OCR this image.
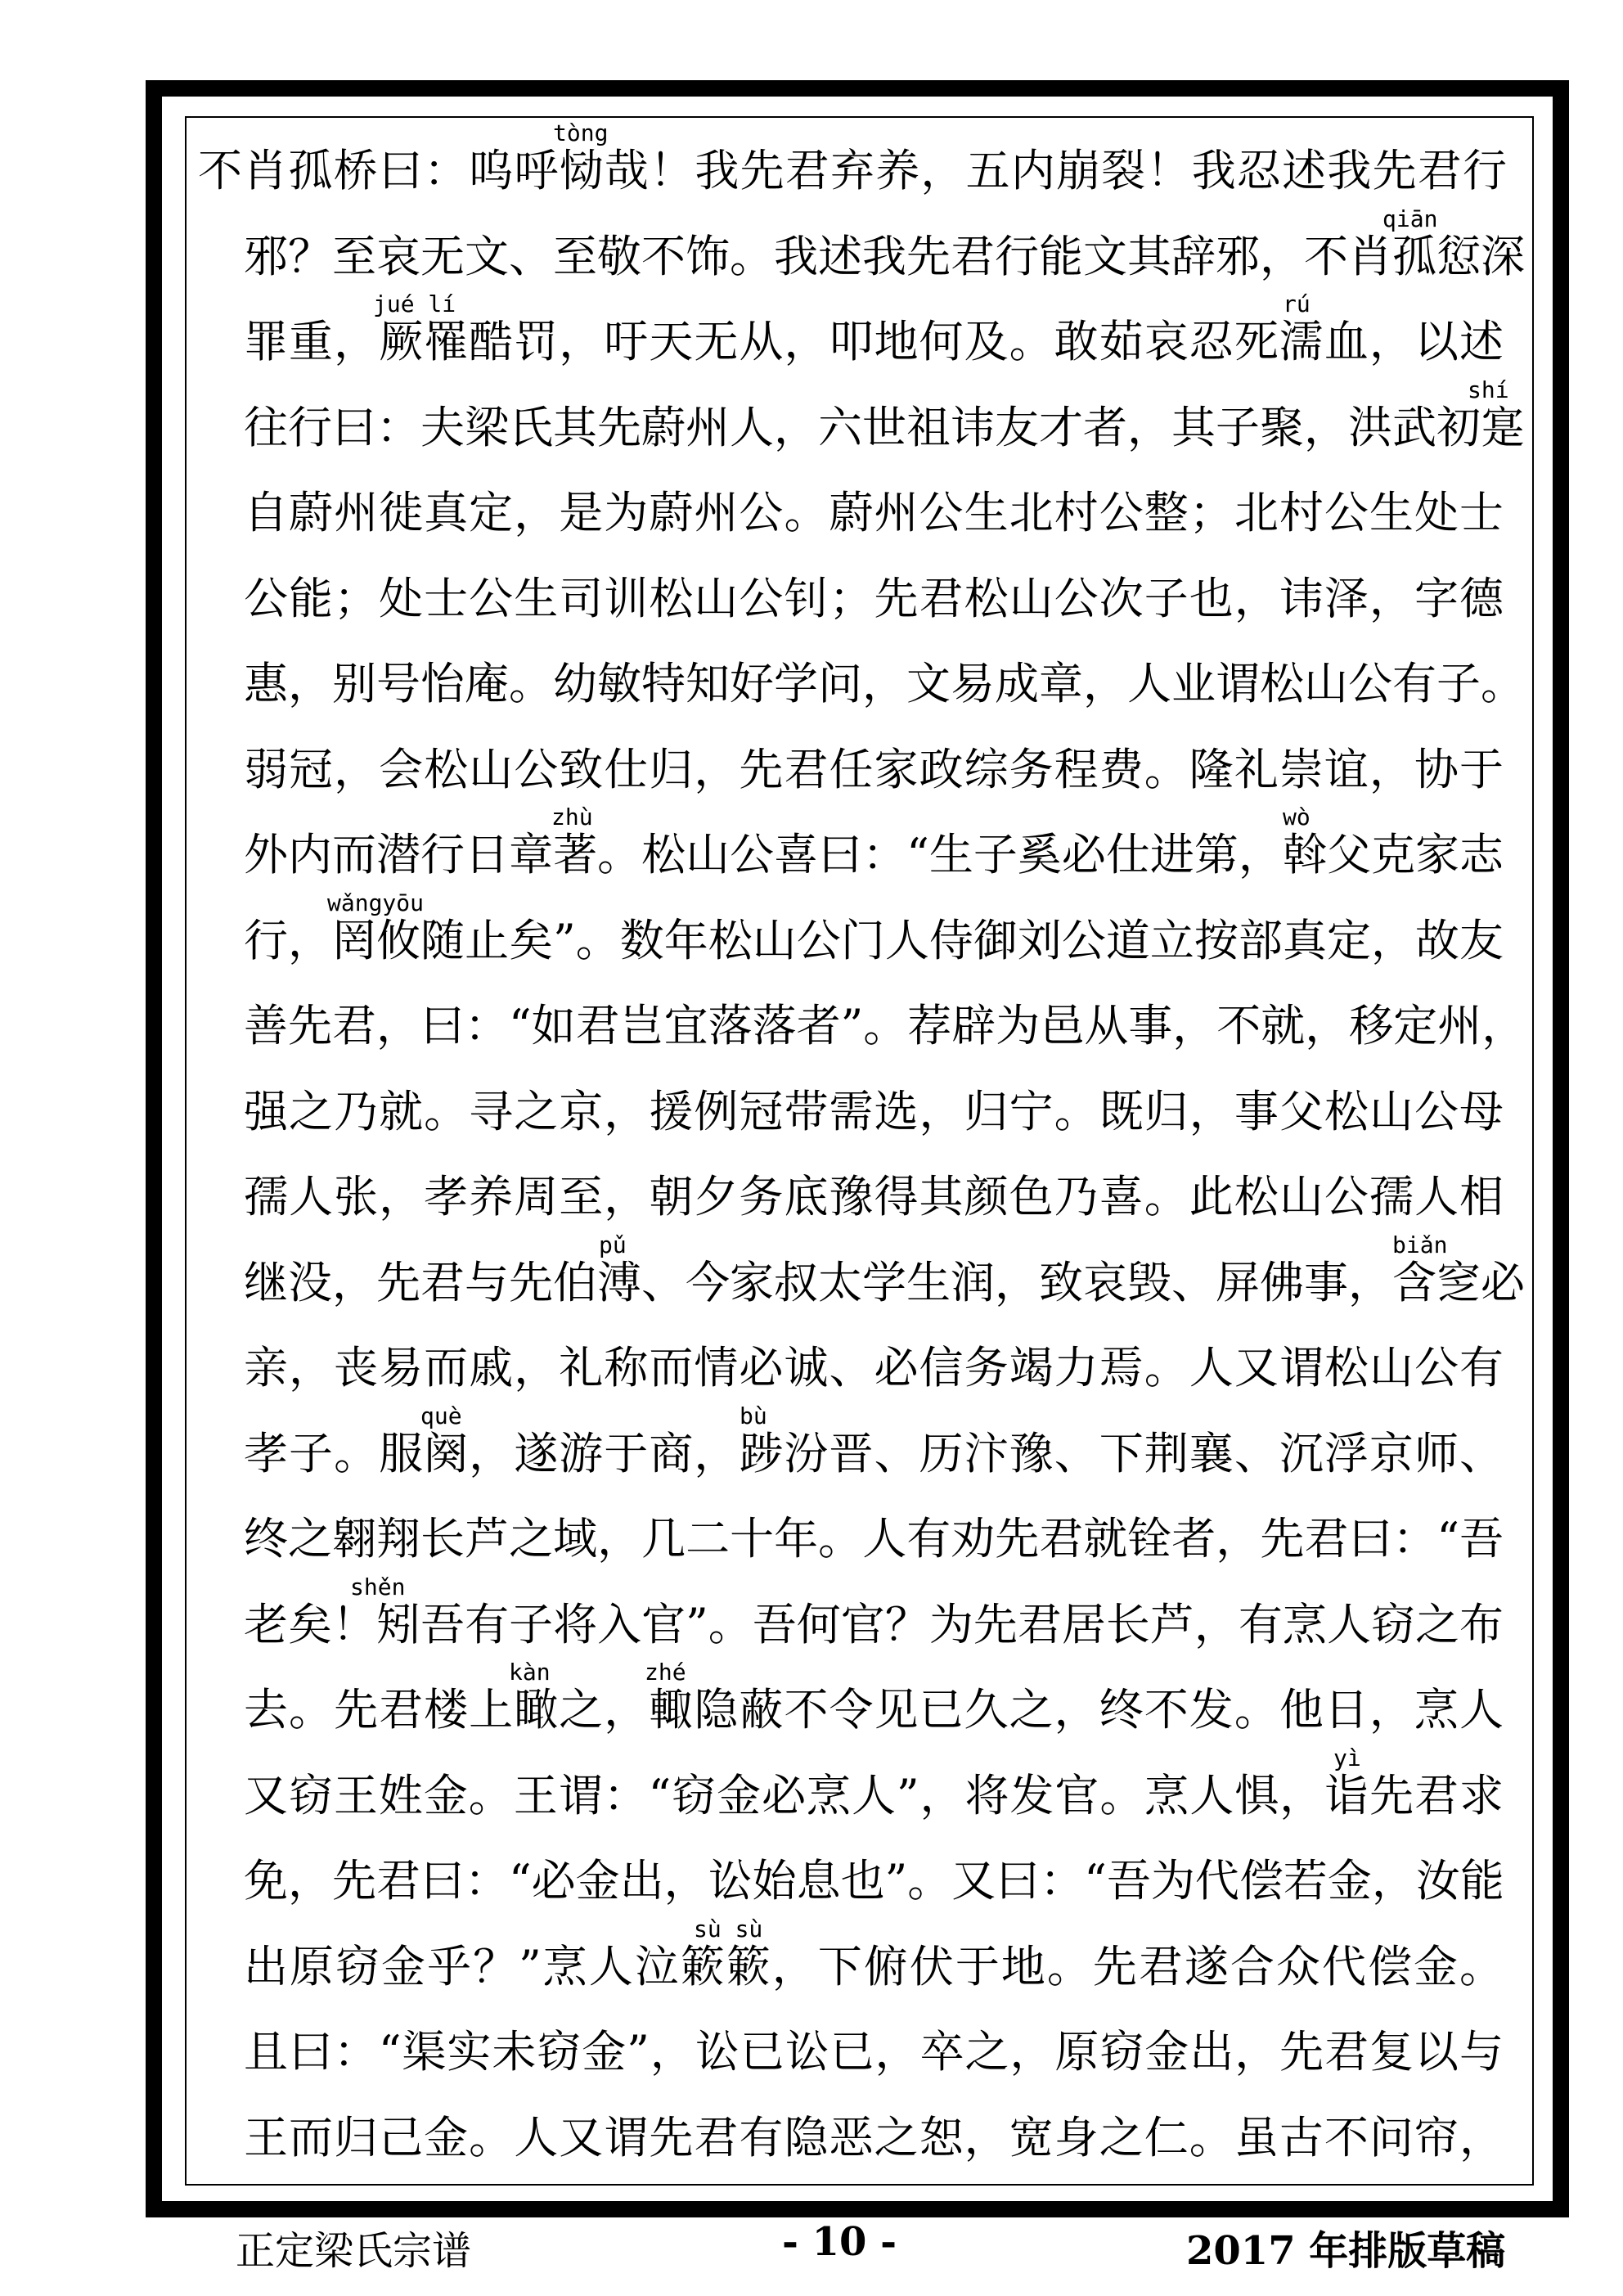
tòng
不肖孤桥曰：呜呼恸哉！我先君弃养，五内崩裂！我忍述我先君行
qiān
邪？至哀无文、至敬不饰。我述我先君行能文其辞邪，不肖孤愆深
jué lí	rú
罪重，厥罹酷罚，吁天无从，叩地何及。敢茹哀忍死濡血，以述
shí
往行曰：夫梁氏其先蔚州人，六世祖讳友才者，其子聚，洪武初寔
自蔚州徙真定，是为蔚州公。蔚州公生北村公整；北村公生处士
公能；处士公生司训松山公钊；先君松山公次子也，讳泽，字德
惠，别号怡庵。幼敏特知好学问，文易成章，人业谓松山公有子。
弱冠，会松山公致仕归，先君任家政综务程费。隆礼崇谊，协于
zhù	wò
外内而潜行日章著。松山公喜曰：“生子奚必仕进第，斡父克家志
wǎngyōu
行，罔攸随止矣”。数年松山公门人侍御刘公道立按部真定，故友
善先君，曰：“如君岂宜落落者”。荐辟为邑从事，不就，移定州，
强之乃就。寻之京，援例冠带需选，归宁。既归，事父松山公母
孺人张，孝养周至，朝夕务底豫得其颜色乃喜。此松山公孺人相
pǔ	biǎn
继没，先君与先伯溥、今家叔太学生润，致哀毁、屏佛事，含窆必
亲，丧易而戚，礼称而情必诚、必信务竭力焉。人又谓松山公有
què	bù
孝子。服阕，遂游于商，踄汾晋、历汴豫、下荆襄、沉浮京师、
终之翱翔长芦之域，几二十年。人有劝先君就铨者，先君曰：“吾
shěn
老矣！矧吾有子将入官”。吾何官？为先君居长芦，有烹人窃之布
kàn	zhé
去。先君楼上瞰之，輙隐蔽不令见已久之，终不发。他日，烹人
yì
又窃王姓金。王谓：“窃金必烹人”，将发官。烹人惧，诣先君求
免，先君曰：“必金出，讼始息也”。又曰：“吾为代偿若金，汝能
sù sù
出原窃金乎？”烹人泣簌簌，下俯伏于地。先君遂合众代偿金。
且曰：“渠实未窃金”，讼已讼已，卒之，原窃金出，先君复以与
王而归己金。人又谓先君有隐恶之恕，宽身之仁。虽古不问帘，
正定梁氏宗谱	- 10 -	2017 年排版草稿
